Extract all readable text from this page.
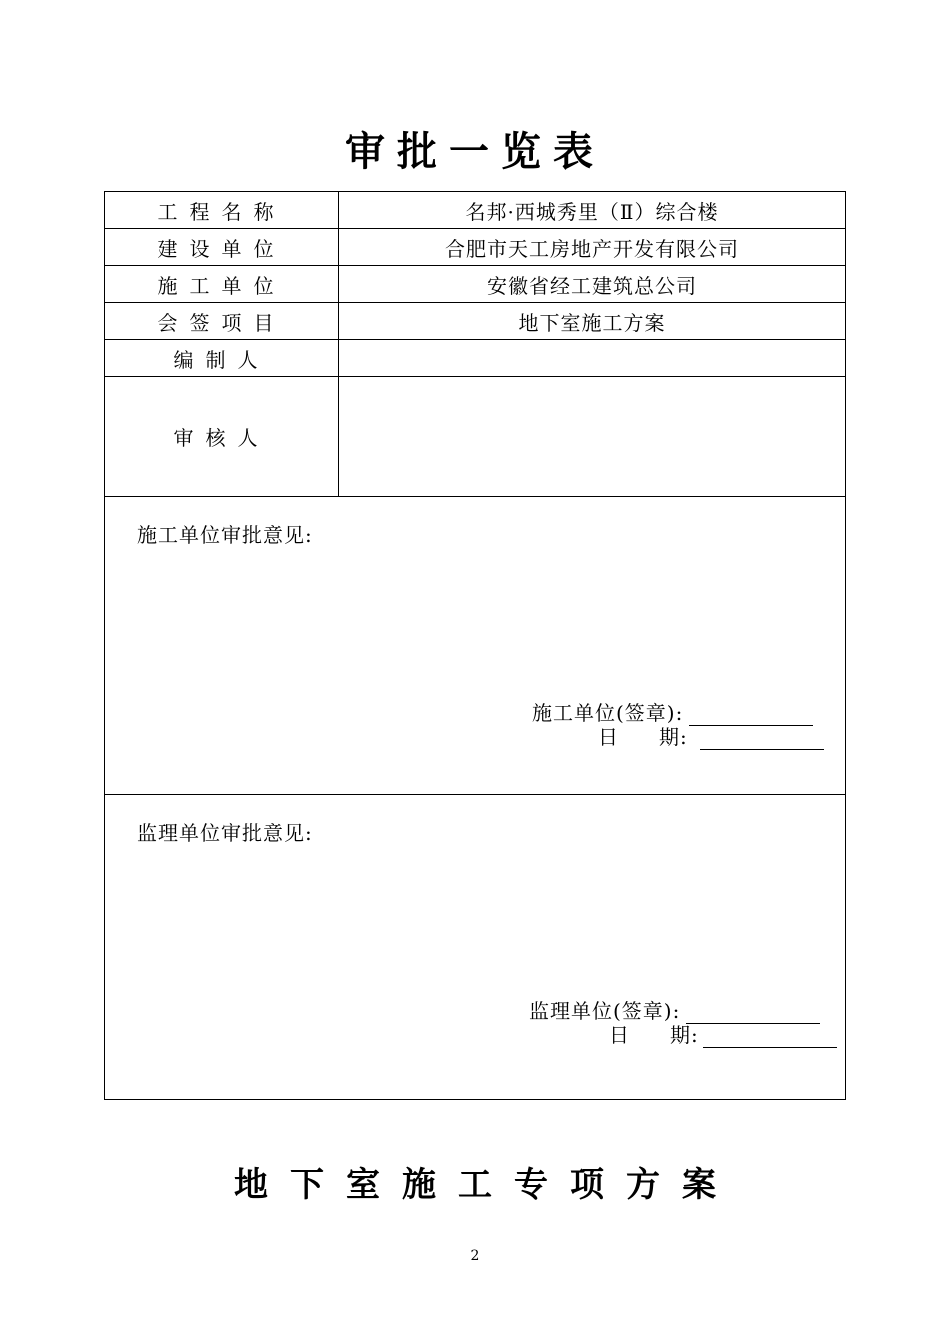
审批一览表
工程名称	名邦·西城秀里（Ⅱ）综合楼
建设单位	合肥市天工房地产开发有限公司
施工单位	安徽省经工建筑总公司
会签项目	地下室施工方案
编制人	
审核人	

施工单位审批意见:
施工单位(签章):
日 期:	

监理单位审批意见:
监理单位(签章):
日 期:	
地下室施工专项方案
2
